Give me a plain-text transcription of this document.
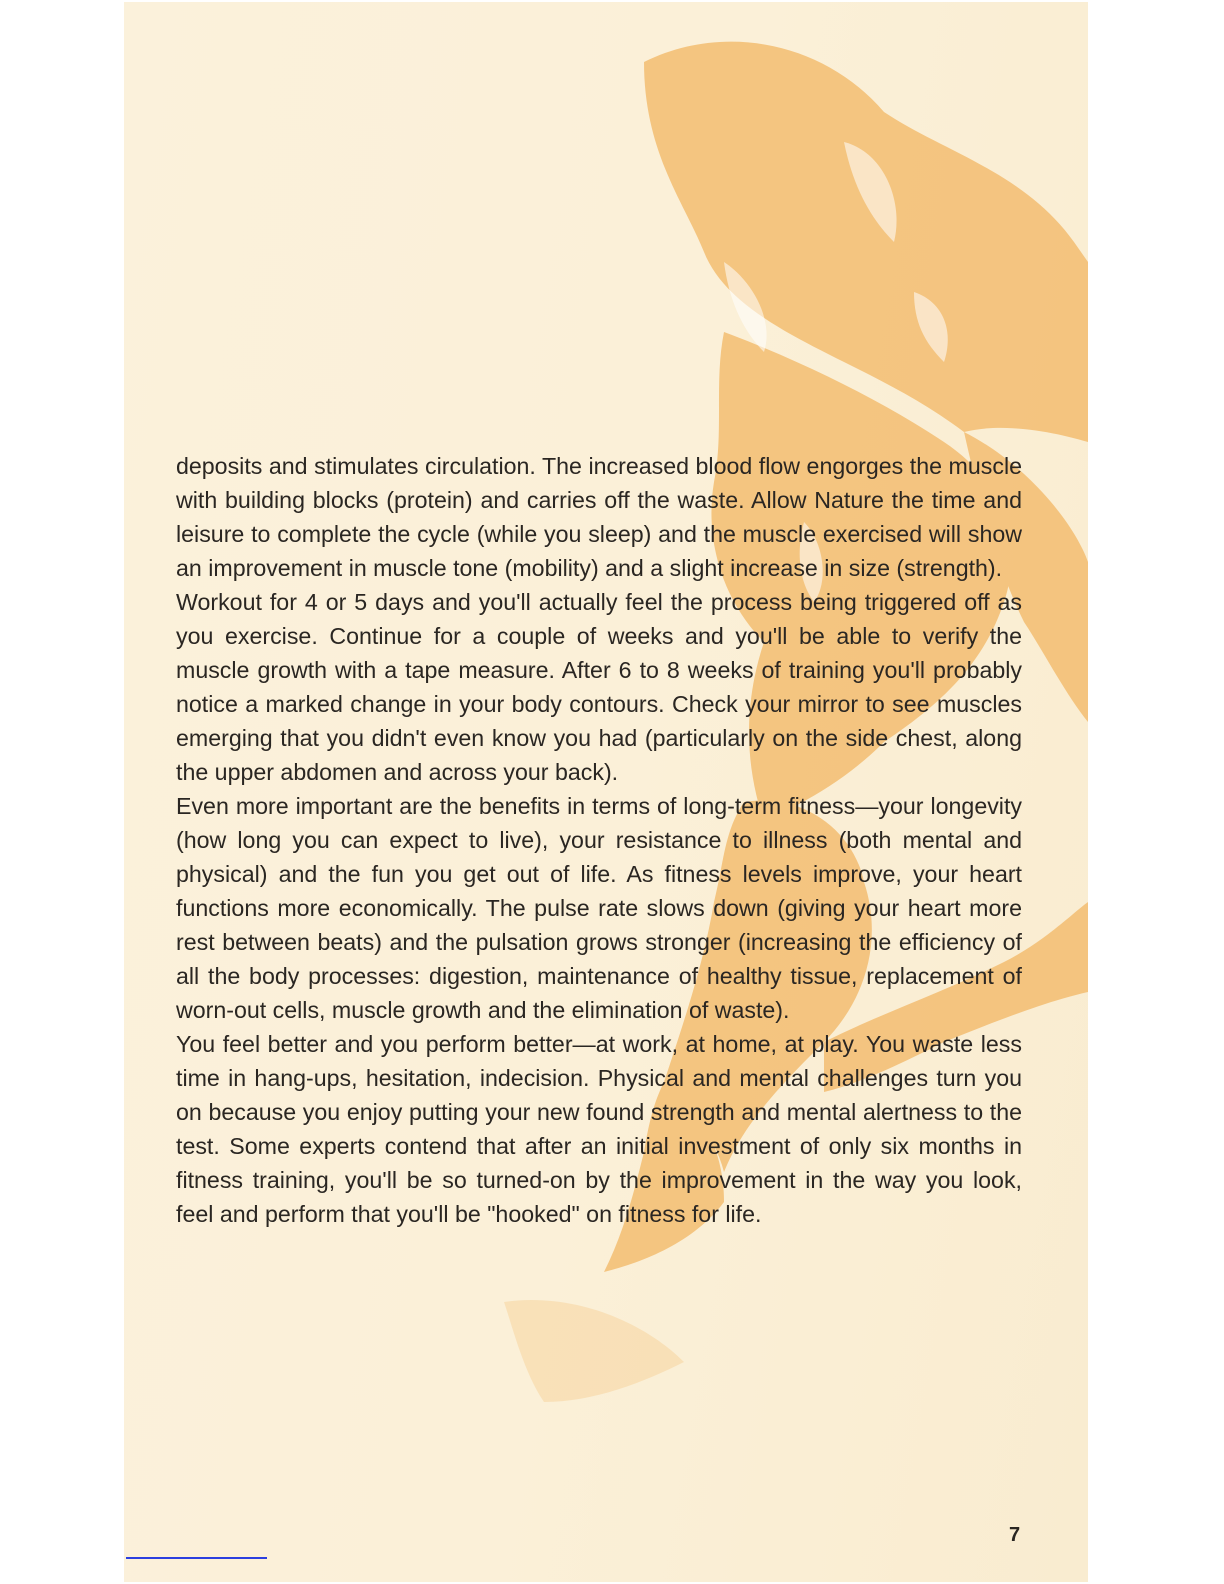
deposits and stimulates circulation. The increased blood flow engorges the muscle with building blocks (protein) and carries off the waste. Allow Nature the time and leisure to complete the cycle (while you sleep) and the muscle exercised will show an improvement in muscle tone (mobility) and a slight increase in size (strength).

Workout for 4 or 5 days and you'll actually feel the process being triggered off as you exercise. Continue for a couple of weeks and you'll be able to verify the muscle growth with a tape measure. After 6 to 8 weeks of training you'll probably notice a marked change in your body contours. Check your mirror to see muscles emerging that you didn't even know you had (particularly on the side chest, along the upper abdomen and across your back).

Even more important are the benefits in terms of long-term fitness—your longevity (how long you can expect to live), your resistance to illness (both mental and physical) and the fun you get out of life. As fitness levels improve, your heart functions more economically. The pulse rate slows down (giving your heart more rest between beats) and the pulsation grows stronger (increasing the efficiency of all the body processes: digestion, maintenance of healthy tissue, replacement of worn-out cells, muscle growth and the elimination of waste).

You feel better and you perform better—at work, at home, at play. You waste less time in hang-ups, hesitation, indecision. Physical and mental challenges turn you on because you enjoy putting your new found strength and mental alertness to the test. Some experts contend that after an initial investment of only six months in fitness training, you'll be so turned-on by the improvement in the way you look, feel and perform that you'll be "hooked" on fitness for life.

7
